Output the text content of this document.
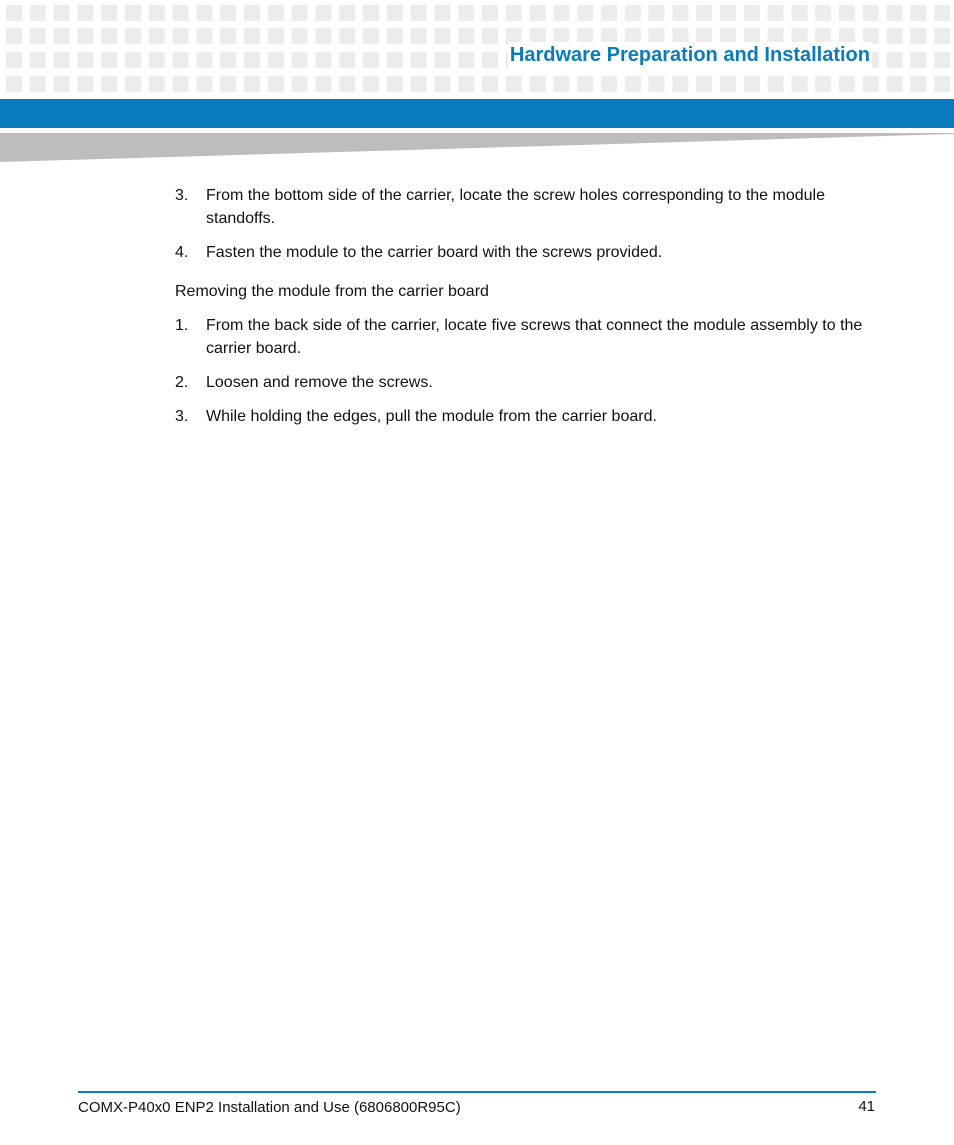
Hardware Preparation and Installation
3. From the bottom side of the carrier, locate the screw holes corresponding to the module standoffs.
4. Fasten the module to the carrier board with the screws provided.

Removing the module from the carrier board

1. From the back side of the carrier, locate five screws that connect the module assembly to the carrier board.
2. Loosen and remove the screws.
3. While holding the edges, pull the module from the carrier board.
COMX-P40x0 ENP2 Installation and Use (6806800R95C)	41
